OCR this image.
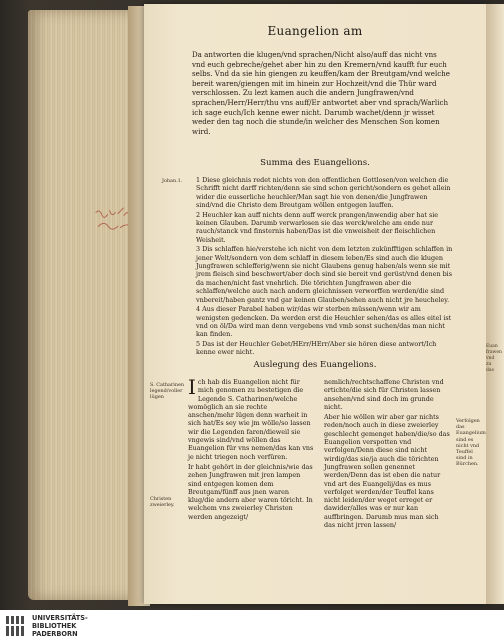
Euangelion am
Da antworten die klugen/vnd sprachen/Nicht also/auff das nicht vns vnd euch gebreche/gehet aber hin zu den Kremern/vnd kaufft fur euch selbs. Vnd da sie hin giengen zu keuffen/kam der Breutgam/vnd welche bereit waren/giengen mit im hinein zur Hochzeit/vnd die Thür ward verschlossen. Zu lezt kamen auch die andern Jungfrawen/vnd sprachen/Herr/Herr/thu vns auff/Er antwortet aber vnd sprach/Warlich ich sage euch/Ich kenne ewer nicht. Darumb wachet/denn jr wisset weder den tag noch die stunde/in welcher des Menschen Son komen wird.
Summa des Euangelions.
Johan.1. 1 Diese gleichnis redet nichts von den offentlichen Gottlosen/von welchen die Schrifft nicht darff richten/denn sie sind schon gericht/sondern es gehet allein wider die eusserliche heuchler/Man sagt hie von denen/die Jungfrawen sind/vnd die Christo dem Breutgam wöllen entgegen lauffen.

2 Heuchler kan auff nichts denn auff werck prangen/inwendig aber hat sie keinen Glauben. Darumb verwarlosen sie das werck/welche am ende nur rauch/stanck vnd finsternis haben/Das ist die vnweisheit der fleischlichen Weisheit.

3 Dis schlaffen hie/verstehe ich nicht von dem letzten zukünfftigen schlaffen in jener Welt/sondern von dem schlaff in diesem leben/Es sind auch die klugen Jungfrawen schlefferig/wenn sie nicht Glaubens genug haben/als wenn sie mit jrem fleisch sind beschwert/aber doch sind sie bereit vnd gerüst/vnd denen bis da machen/nicht fast vnehrlich. Die törichten Jungfrawen aber die schlaffen/welche auch nach andern gleichnissen verworffen werden/die sind vnbereit/haben gantz vnd gar keinen Glauben/sehen auch nicht jre heucheley.

4 Aus dieser Parabel haben wir/das wir sterben müssen/wenn wir am wenigsten gedencken. Da werden erst die Heuchler sehen/das es alles eitel ist vnd on öl/Da wird man denn vergebens vnd vmb sonst suchen/das man nicht kan finden.

5 Das ist der Heuchler Gebet/HErr/HErr/Aber sie hören diese antwort/Ich kenne ewer nicht.

Auslegung des Euangelions.
S. Catharinen legend/voller lügen
Christen zweierley.

Ich hab dis Euangelion nicht für mich genomen zu bestetigen die Legende S. Catharinen/welche womöglich an sie rechte anschen/mehr lügen denn warheit in sich hat/Es sey wie jm wölle/so lassen wir die Legenden faren/dieweil sie vngewis sind/vnd wöllen das Euangelion für vns nemen/das kan vns je nicht triegen noch verfüren.

Ir habt gehört in der gleichnis/wie das zehen Jungfrawen mit jren lampen sind entgegen komen dem Breutgam/fünff aus jnen waren klug/die andern aber waren töricht. In welchem vns zweierley Christen werden angezeigt/

nemlich/rechtschaffene Christen vnd ertichte/die sich für Christen lassen ansehen/vnd sind doch im grunde nicht.

Aber hie wöllen wir aber gar nichts reden/noch auch in diese zweierley geschlecht gemenget haben/die/so das Euangelion verspotten vnd verfolgen/Denn diese sind nicht wirdig/das sie/ja auch die törichten Jungfrawen sollen genennet werden/Denn das ist eben die natur vnd art des Euangelij/das es mus verfolget werden/der Teuffel kans nicht leiden/der weget erreget er dawider/alles was er nur kan auffbringen. Darumb mus man sich das nicht jrren lassen/

Verfolgen das Euangelium sind es nicht vnd Teuffel sind in Bürchen.
Euan
frawen
vnd
zu
das
UNIVERSITÄTS-
BIBLIOTHEK
PADERBORN
